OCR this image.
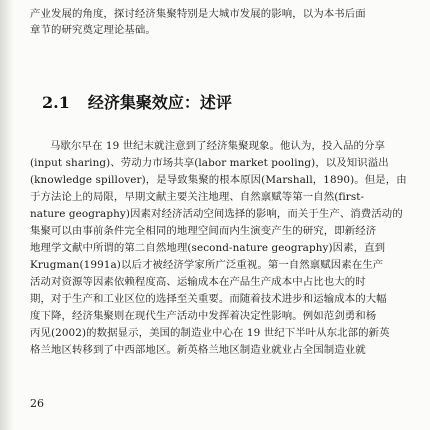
产业发展的角度，探讨经济集聚特别是大城市发展的影响，以为本书后面
章节的研究奠定理论基础。
2.1 经济集聚效应：述评
马歇尔早在 19 世纪末就注意到了经济集聚现象。他认为，投入品的分享
(input sharing)、劳动力市场共享(labor market pooling)，以及知识溢出
(knowledge spillover)，是导致集聚的根本原因(Marshall，1890)。但是，由
于方法论上的局限，早期文献主要关注地理、自然禀赋等第一自然(first-
nature geography)因素对经济活动空间选择的影响，而关于生产、消费活动的
集聚可以由事前条件完全相同的地理空间而内生演变产生的研究，即新经济
地理学文献中所谓的第二自然地理(second-nature geography)因素，直到
Krugman(1991a)以后才被经济学家所广泛重视。第一自然禀赋因素在生产
活动对资源等因素依赖程度高、运输成本在产品生产成本中占比也大的时
期，对于生产和工业区位的选择至关重要。而随着技术进步和运输成本的大幅
度下降，经济集聚则在现代生产活动中发挥着决定性影响。例如范剑勇和杨
丙见(2002)的数据显示，美国的制造业中心在 19 世纪下半叶从东北部的新英
格兰地区转移到了中西部地区。新英格兰地区制造业就业占全国制造业就
26
